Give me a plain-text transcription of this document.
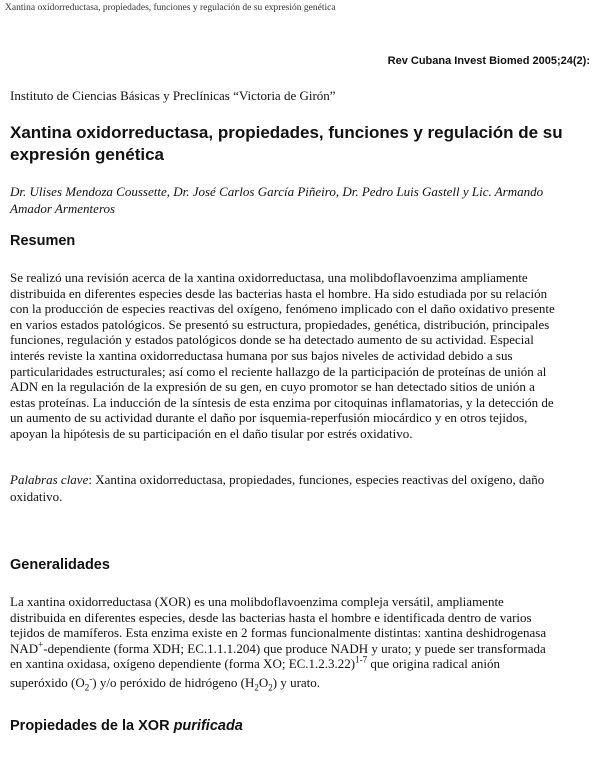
Xantina oxidorreductasa, propiedades, funciones y regulación de su expresión genética
Rev Cubana Invest Biomed 2005;24(2):
Instituto de Ciencias Básicas y Preclínicas “Victoria de Girón”
Xantina oxidorreductasa, propiedades, funciones y regulación de su
expresión genética
Dr. Ulises Mendoza Coussette, Dr. José Carlos García Piñeiro, Dr. Pedro Luis Gastell y Lic. Armando
Amador Armenteros
Resumen

Se realizó una revisión acerca de la xantina oxidorreductasa, una molibdoflavoenzima ampliamente
distribuida en diferentes especies desde las bacterias hasta el hombre. Ha sido estudiada por su relación
con la producción de especies reactivas del oxígeno, fenómeno implicado con el daño oxidativo presente
en varios estados patológicos. Se presentó su estructura, propiedades, genética, distribución, principales
funciones, regulación y estados patológicos donde se ha detectado aumento de su actividad. Especial
interés reviste la xantina oxidorreductasa humana por sus bajos niveles de actividad debido a sus
particularidades estructurales; así como el reciente hallazgo de la participación de proteínas de unión al
ADN en la regulación de la expresión de su gen, en cuyo promotor se han detectado sitios de unión a
estas proteínas. La inducción de la síntesis de esta enzima por citoquinas inflamatorias, y la detección de
un aumento de su actividad durante el daño por isquemia-reperfusión miocárdico y en otros tejidos,
apoyan la hipótesis de su participación en el daño tisular por estrés oxidativo.

Palabras clave: Xantina oxidorreductasa, propiedades, funciones, especies reactivas del oxígeno, daño
oxidativo.
Generalidades

La xantina oxidorreductasa (XOR) es una molibdoflavoenzima compleja versátil, ampliamente
distribuida en diferentes especies, desde las bacterias hasta el hombre e identificada dentro de varios
tejidos de mamíferos. Esta enzima existe en 2 formas funcionalmente distintas: xantina deshidrogenasa
NAD+-dependiente (forma XDH; EC.1.1.1.204) que produce NADH y urato; y puede ser transformada
en xantina oxidasa, oxígeno dependiente (forma XO; EC.1.2.3.22)$^{1-7}$ que origina radical anión
superóxido $(O_2^-)$ y/o peróxido de hidrógeno $(H_2O_2)$ y urato.

Propiedades de la XOR purificada
